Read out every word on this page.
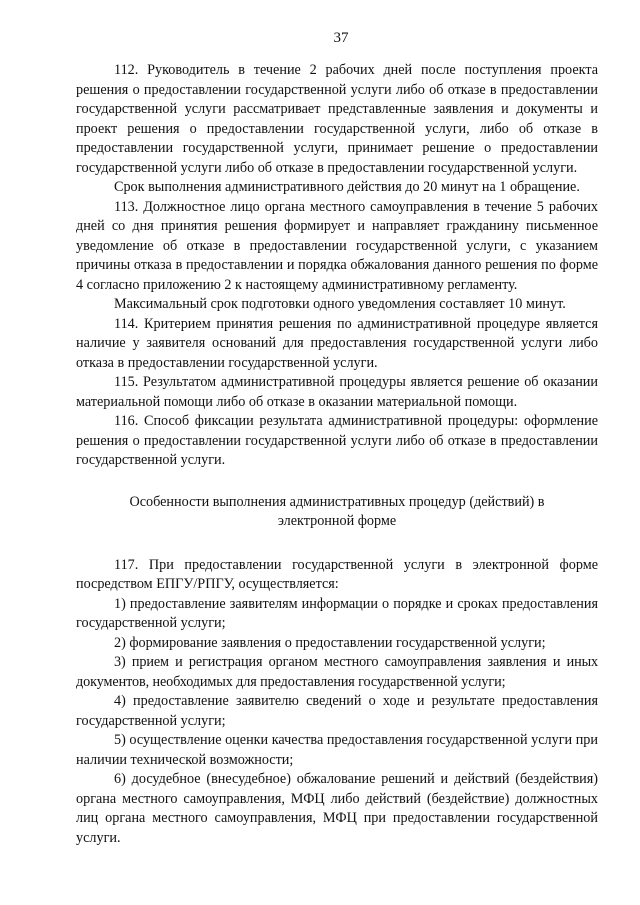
37

112. Руководитель в течение 2 рабочих дней после поступления проекта решения о предоставлении государственной услуги либо об отказе в предоставлении государственной услуги рассматривает представленные заявления и документы и проект решения о предоставлении государственной услуги, либо об отказе в предоставлении государственной услуги, принимает решение о предоставлении государственной услуги либо об отказе в предоставлении государственной услуги.

Срок выполнения административного действия до 20 минут на 1 обращение.

113. Должностное лицо органа местного самоуправления в течение 5 рабочих дней со дня принятия решения формирует и направляет гражданину письменное уведомление об отказе в предоставлении государственной услуги, с указанием причины отказа в предоставлении и порядка обжалования данного решения по форме 4 согласно приложению 2 к настоящему административному регламенту.

Максимальный срок подготовки одного уведомления составляет 10 минут.

114. Критерием принятия решения по административной процедуре является наличие у заявителя оснований для предоставления государственной услуги либо отказа в предоставлении государственной услуги.

115. Результатом административной процедуры является решение об оказании материальной помощи либо об отказе в оказании материальной помощи.

116. Способ фиксации результата административной процедуры: оформление решения о предоставлении государственной услуги либо об отказе в предоставлении государственной услуги.

Особенности выполнения административных процедур (действий) в
электронной форме

117. При предоставлении государственной услуги в электронной форме посредством ЕПГУ/РПГУ, осуществляется:

1) предоставление заявителям информации о порядке и сроках предоставления государственной услуги;

2) формирование заявления о предоставлении государственной услуги;

3) прием и регистрация органом местного самоуправления заявления и иных документов, необходимых для предоставления государственной услуги;

4) предоставление заявителю сведений о ходе и результате предоставления государственной услуги;

5) осуществление оценки качества предоставления государственной услуги при наличии технической возможности;

6) досудебное (внесудебное) обжалование решений и действий (бездействия) органа местного самоуправления, МФЦ либо действий (бездействие) должностных лиц органа местного самоуправления, МФЦ при предоставлении государственной услуги.
